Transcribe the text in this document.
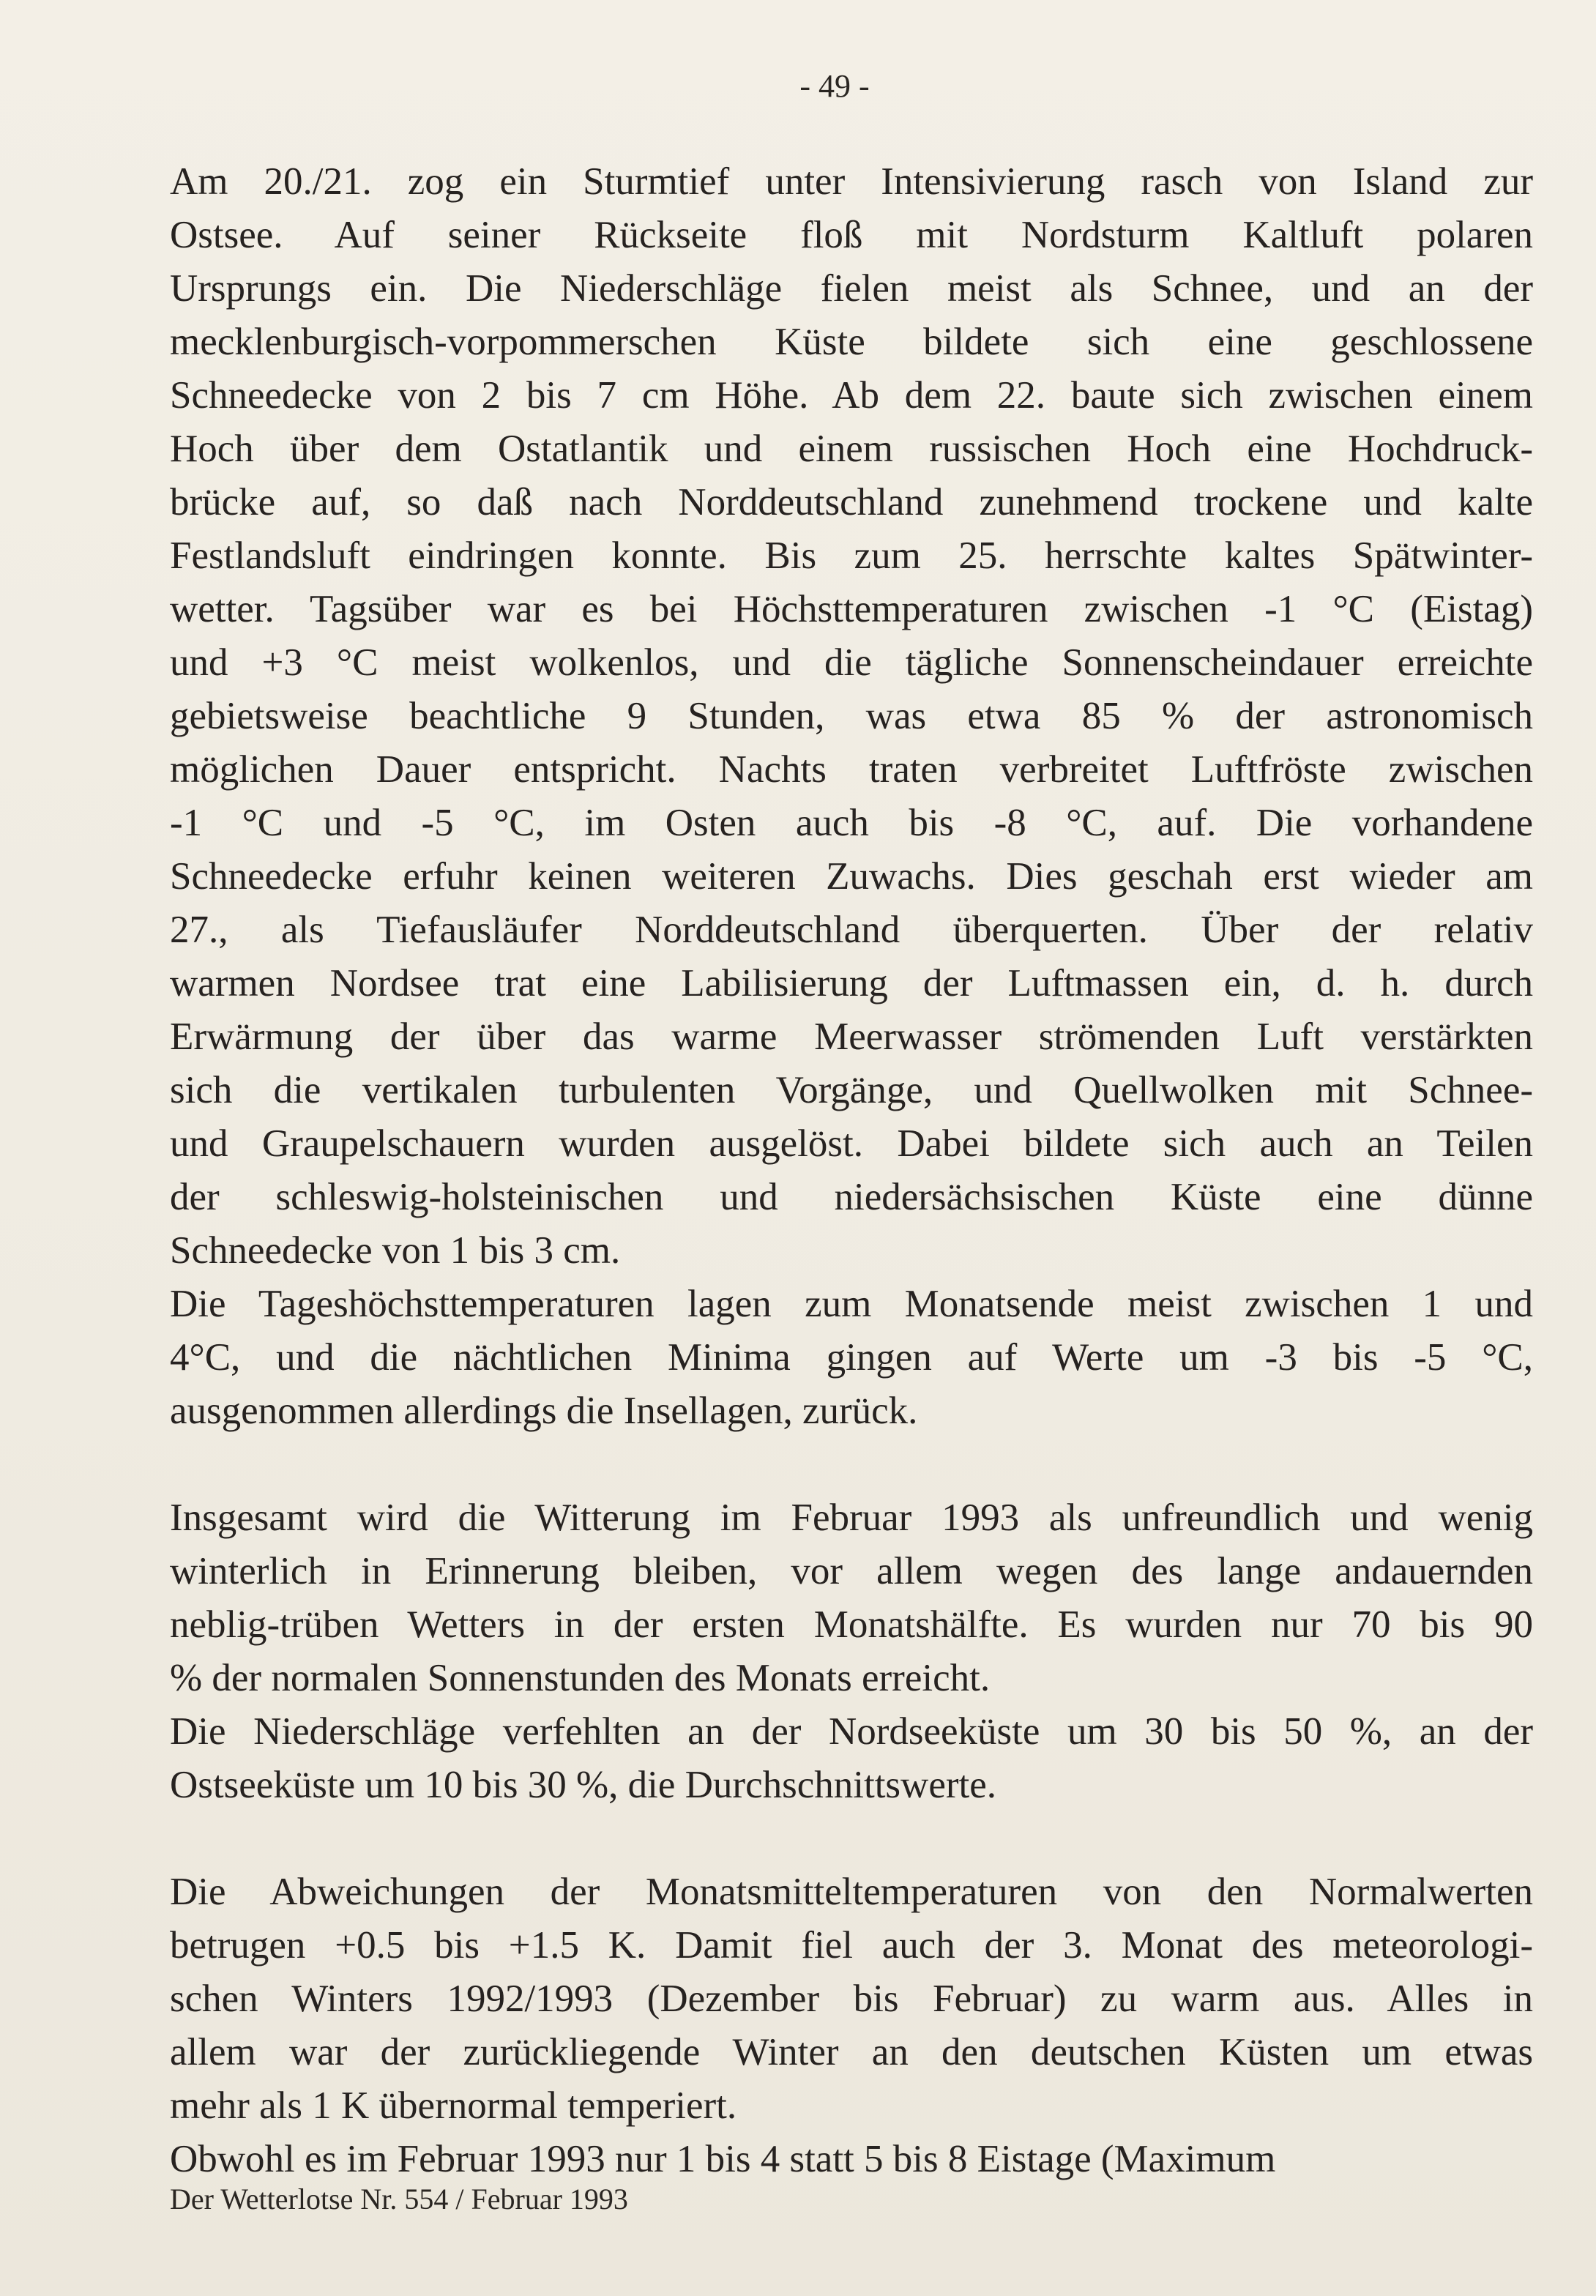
- 49 -
Am 20./21. zog ein Sturmtief unter Intensivierung rasch von Island zur
Ostsee. Auf seiner Rückseite floß mit Nordsturm Kaltluft polaren
Ursprungs ein. Die Niederschläge fielen meist als Schnee, und an der
mecklenburgisch-vorpommerschen Küste bildete sich eine geschlossene
Schneedecke von 2 bis 7 cm Höhe. Ab dem 22. baute sich zwischen einem
Hoch über dem Ostatlantik und einem russischen Hoch eine Hochdruck-
brücke auf, so daß nach Norddeutschland zunehmend trockene und kalte
Festlandsluft eindringen konnte. Bis zum 25. herrschte kaltes Spätwinter-
wetter. Tagsüber war es bei Höchsttemperaturen zwischen -1 °C (Eistag)
und +3 °C meist wolkenlos, und die tägliche Sonnenscheindauer erreichte
gebietsweise beachtliche 9 Stunden, was etwa 85 % der astronomisch
möglichen Dauer entspricht. Nachts traten verbreitet Luftfröste zwischen
-1 °C und -5 °C, im Osten auch bis -8 °C, auf. Die vorhandene
Schneedecke erfuhr keinen weiteren Zuwachs. Dies geschah erst wieder am
27., als Tiefausläufer Norddeutschland überquerten. Über der relativ
warmen Nordsee trat eine Labilisierung der Luftmassen ein, d. h. durch
Erwärmung der über das warme Meerwasser strömenden Luft verstärkten
sich die vertikalen turbulenten Vorgänge, und Quellwolken mit Schnee-
und Graupelschauern wurden ausgelöst. Dabei bildete sich auch an Teilen
der schleswig-holsteinischen und niedersächsischen Küste eine dünne
Schneedecke von 1 bis 3 cm.
Die Tageshöchsttemperaturen lagen zum Monatsende meist zwischen 1 und
4°C, und die nächtlichen Minima gingen auf Werte um -3 bis -5 °C,
ausgenommen allerdings die Insellagen, zurück.
Insgesamt wird die Witterung im Februar 1993 als unfreundlich und wenig
winterlich in Erinnerung bleiben, vor allem wegen des lange andauernden
neblig-trüben Wetters in der ersten Monatshälfte. Es wurden nur 70 bis 90
% der normalen Sonnenstunden des Monats erreicht.
Die Niederschläge verfehlten an der Nordseeküste um 30 bis 50 %, an der
Ostseeküste um 10 bis 30 %, die Durchschnittswerte.
Die Abweichungen der Monatsmitteltemperaturen von den Normalwerten
betrugen +0.5 bis +1.5 K. Damit fiel auch der 3. Monat des meteorologi-
schen Winters 1992/1993 (Dezember bis Februar) zu warm aus. Alles in
allem war der zurückliegende Winter an den deutschen Küsten um etwas
mehr als 1 K übernormal temperiert.
Obwohl es im Februar 1993 nur 1 bis 4 statt 5 bis 8 Eistage (Maximum
Der Wetterlotse Nr. 554 / Februar 1993
